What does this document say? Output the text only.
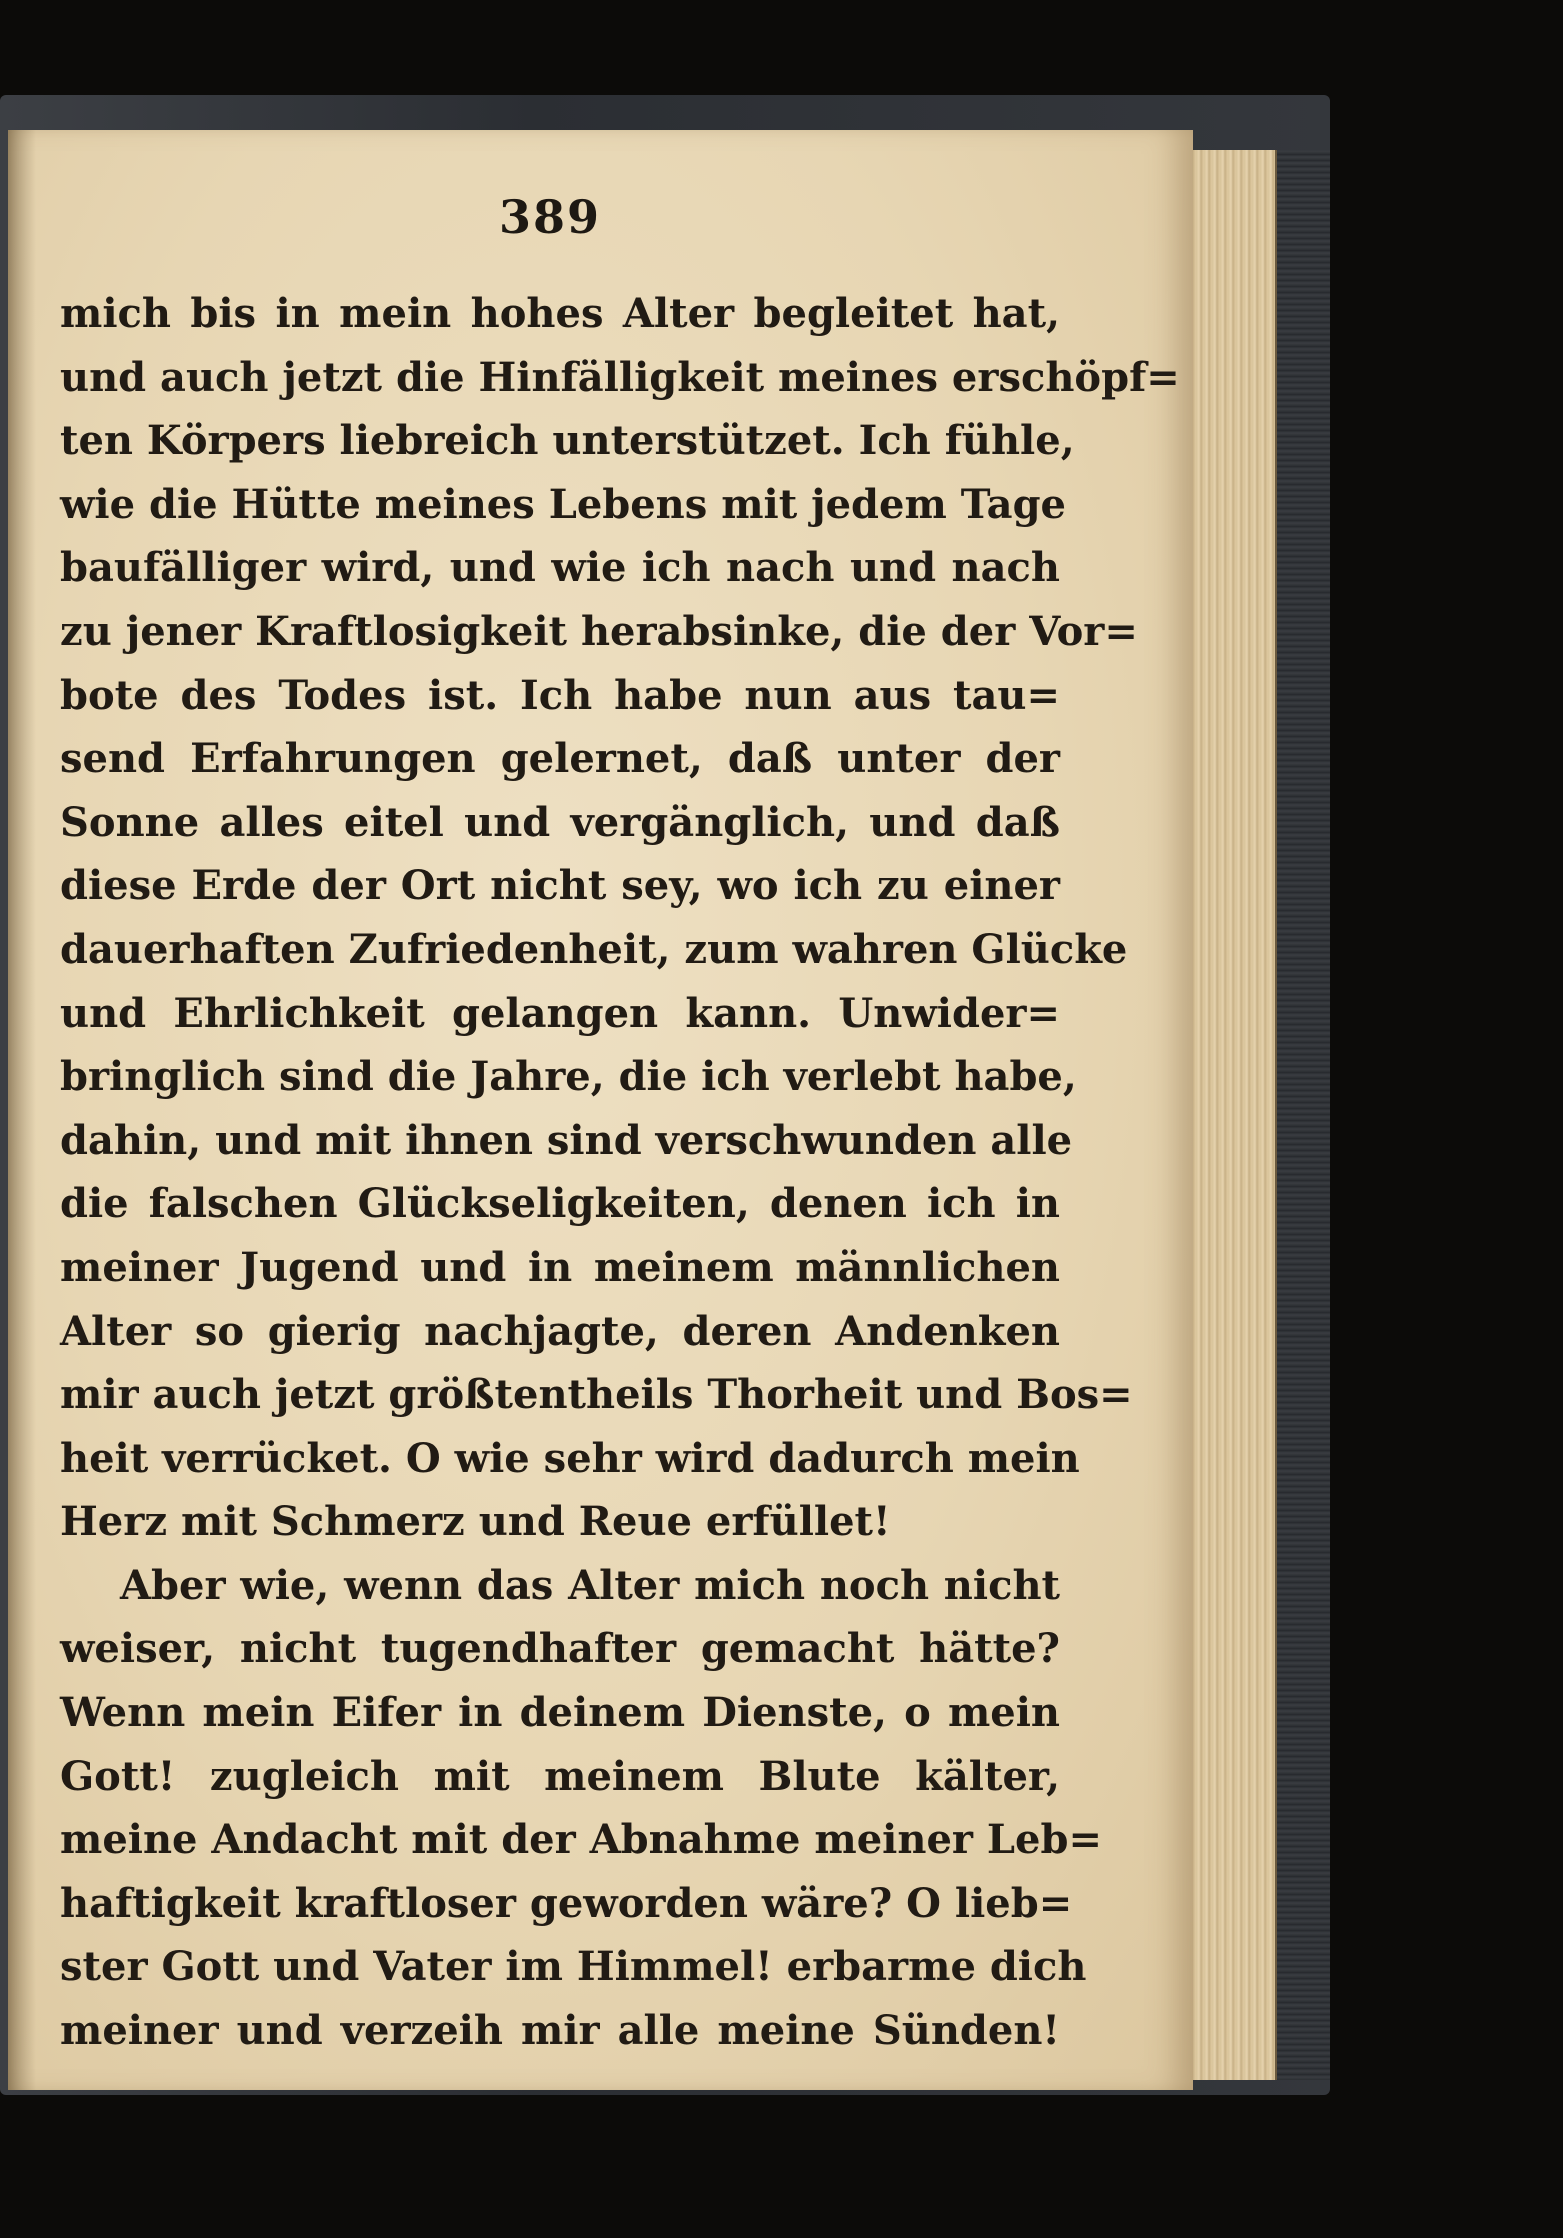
389
mich bis in mein hohes Alter begleitet hat,
und auch jetzt die Hinfälligkeit meines erschöpf=
ten Körpers liebreich unterstützet. Ich fühle,
wie die Hütte meines Lebens mit jedem Tage
baufälliger wird, und wie ich nach und nach
zu jener Kraftlosigkeit herabsinke, die der Vor=
bote des Todes ist. Ich habe nun aus tau=
send Erfahrungen gelernet, daß unter der
Sonne alles eitel und vergänglich, und daß
diese Erde der Ort nicht sey, wo ich zu einer
dauerhaften Zufriedenheit, zum wahren Glücke
und Ehrlichkeit gelangen kann. Unwider=
bringlich sind die Jahre, die ich verlebt habe,
dahin, und mit ihnen sind verschwunden alle
die falschen Glückseligkeiten, denen ich in
meiner Jugend und in meinem männlichen
Alter so gierig nachjagte, deren Andenken
mir auch jetzt größtentheils Thorheit und Bos=
heit verrücket. O wie sehr wird dadurch mein
Herz mit Schmerz und Reue erfüllet!
Aber wie, wenn das Alter mich noch nicht
weiser, nicht tugendhafter gemacht hätte?
Wenn mein Eifer in deinem Dienste, o mein
Gott! zugleich mit meinem Blute kälter,
meine Andacht mit der Abnahme meiner Leb=
haftigkeit kraftloser geworden wäre? O lieb=
ster Gott und Vater im Himmel! erbarme dich
meiner und verzeih mir alle meine Sünden!
